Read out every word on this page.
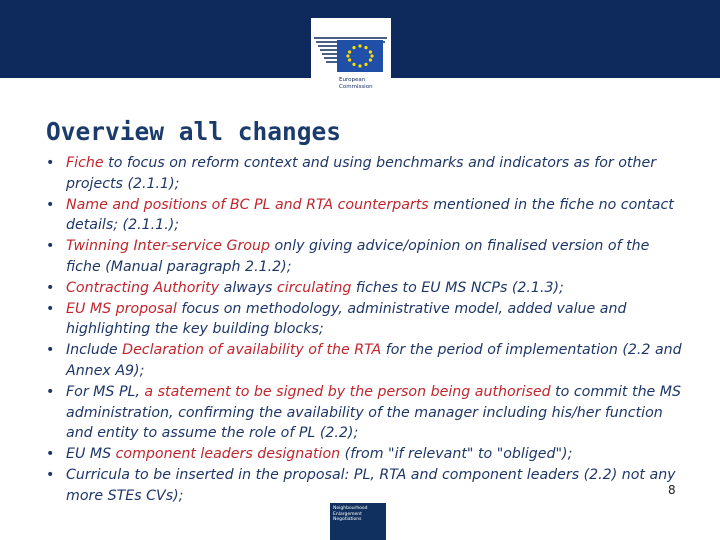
European
Commission
Overview all changes
• Fiche to focus on reform context and using benchmarks and indicators as for other projects (2.1.1);
• Name and positions of BC PL and RTA counterparts mentioned in the fiche no contact details; (2.1.1.);
• Twinning Inter-service Group only giving advice/opinion on finalised version of the fiche (Manual paragraph 2.1.2);
• Contracting Authority always circulating fiches to EU MS NCPs (2.1.3);
• EU MS proposal focus on methodology, administrative model, added value and highlighting the key building blocks;
• Include Declaration of availability of the RTA for the period of implementation (2.2 and Annex A9);
• For MS PL, a statement to be signed by the person being authorised to commit the MS administration, confirming the availability of the manager including his/her function and entity to assume the role of PL (2.2);
• EU MS component leaders designation (from "if relevant" to "obliged");
• Curricula to be inserted in the proposal: PL, RTA and component leaders (2.2) not any more STEs CVs);	8
Neighbourhood
Enlargement
Negotiations
